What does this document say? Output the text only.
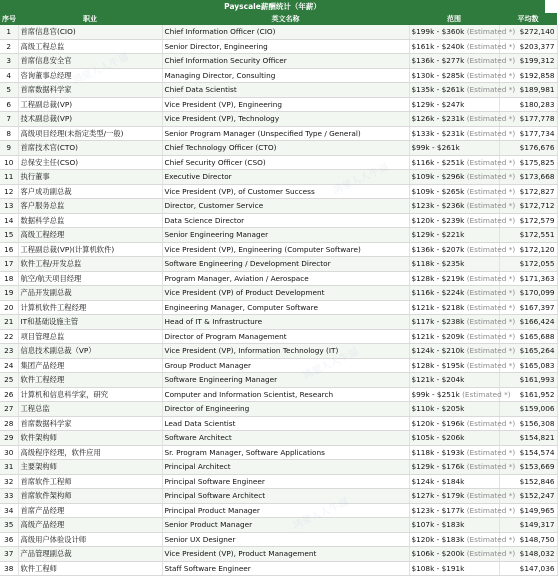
Payscale薪酬统计（年薪）
序号	职业	英文名称	范围	平均数
1	首席信息官(CIO)	Chief Information Officer (CIO)	$199k - $360k (Estimated *)	$272,140
2	高级工程总监	Senior Director, Engineering	$161k - $240k (Estimated *)	$203,377
3	首席信息安全官	Chief Information Security Officer	$136k - $277k (Estimated *)	$199,312
4	咨询董事总经理	Managing Director, Consulting	$130k - $285k (Estimated *)	$192,858
5	首席数据科学家	Chief Data Scientist	$135k - $261k (Estimated *)	$189,981
6	工程副总裁(VP)	Vice President (VP), Engineering	$129k - $247k	$180,283
7	技术副总裁(VP)	Vice President (VP), Technology	$126k - $231k (Estimated *)	$177,778
8	高级项目经理(未指定类型/一般)	Senior Program Manager (Unspecified Type / General)	$133k - $231k (Estimated *)	$177,734
9	首席技术官(CTO)	Chief Technology Officer (CTO)	$99k - $261k	$176,676
10	总保安主任(CSO)	Chief Security Officer (CSO)	$116k - $251k (Estimated *)	$175,825
11	执行董事	Executive Director	$109k - $296k (Estimated *)	$173,668
12	客户成功副总裁	Vice President (VP), of Customer Success	$109k - $265k (Estimated *)	$172,827
13	客户服务总监	Director, Customer Service	$123k - $236k (Estimated *)	$172,712
14	数据科学总监	Data Science Director	$120k - $239k (Estimated *)	$172,579
15	高级工程经理	Senior Engineering Manager	$129k - $221k	$172,551
16	工程副总裁(VP)(计算机软件)	Vice President (VP), Engineering (Computer Software)	$136k - $207k (Estimated *)	$172,120
17	软件工程/开发总监	Software Engineering / Development Director	$118k - $235k	$172,055
18	航空/航天项目经理	Program Manager, Aviation / Aerospace	$128k - $219k (Estimated *)	$171,363
19	产品开发副总裁	Vice President (VP) of Product Development	$116k - $224k (Estimated *)	$170,099
20	计算机软件工程经理	Engineering Manager, Computer Software	$121k - $218k (Estimated *)	$167,397
21	IT和基础设施主管	Head of IT & Infrastructure	$117k - $238k (Estimated *)	$166,424
22	项目管理总监	Director of Program Management	$121k - $209k (Estimated *)	$165,688
23	信息技术副总裁（VP）	Vice President (VP), Information Technology (IT)	$124k - $210k (Estimated *)	$165,264
24	集团产品经理	Group Product Manager	$128k - $195k (Estimated *)	$165,083
25	软件工程经理	Software Engineering Manager	$121k - $204k	$161,993
26	计算机和信息科学家，研究	Computer and Information Scientist, Research	$99k - $251k (Estimated *)	$161,952
27	工程总监	Director of Engineering	$110k - $205k	$159,006
28	首席数据科学家	Lead Data Scientist	$120k - $196k (Estimated *)	$156,308
29	软件架构师	Software Architect	$105k - $206k	$154,821
30	高级程序经理，软件应用	Sr. Program Manager, Software Applications	$118k - $193k (Estimated *)	$154,574
31	主要架构师	Principal Architect	$129k - $176k (Estimated *)	$153,669
32	首席软件工程师	Principal Software Engineer	$124k - $184k	$152,846
33	首席软件架构师	Principal Software Architect	$127k - $179k (Estimated *)	$152,247
34	首席产品经理	Principal Product Manager	$123k - $177k (Estimated *)	$149,965
35	高级产品经理	Senior Product Manager	$107k - $183k	$149,317
36	高级用户体验设计师	Senior UX Designer	$120k - $183k (Estimated *)	$148,750
37	产品管理副总裁	Vice President (VP), Product Management	$106k - $200k (Estimated *)	$148,032
38	软件工程师	Staff Software Engineer	$108k - $191k	$147,036
